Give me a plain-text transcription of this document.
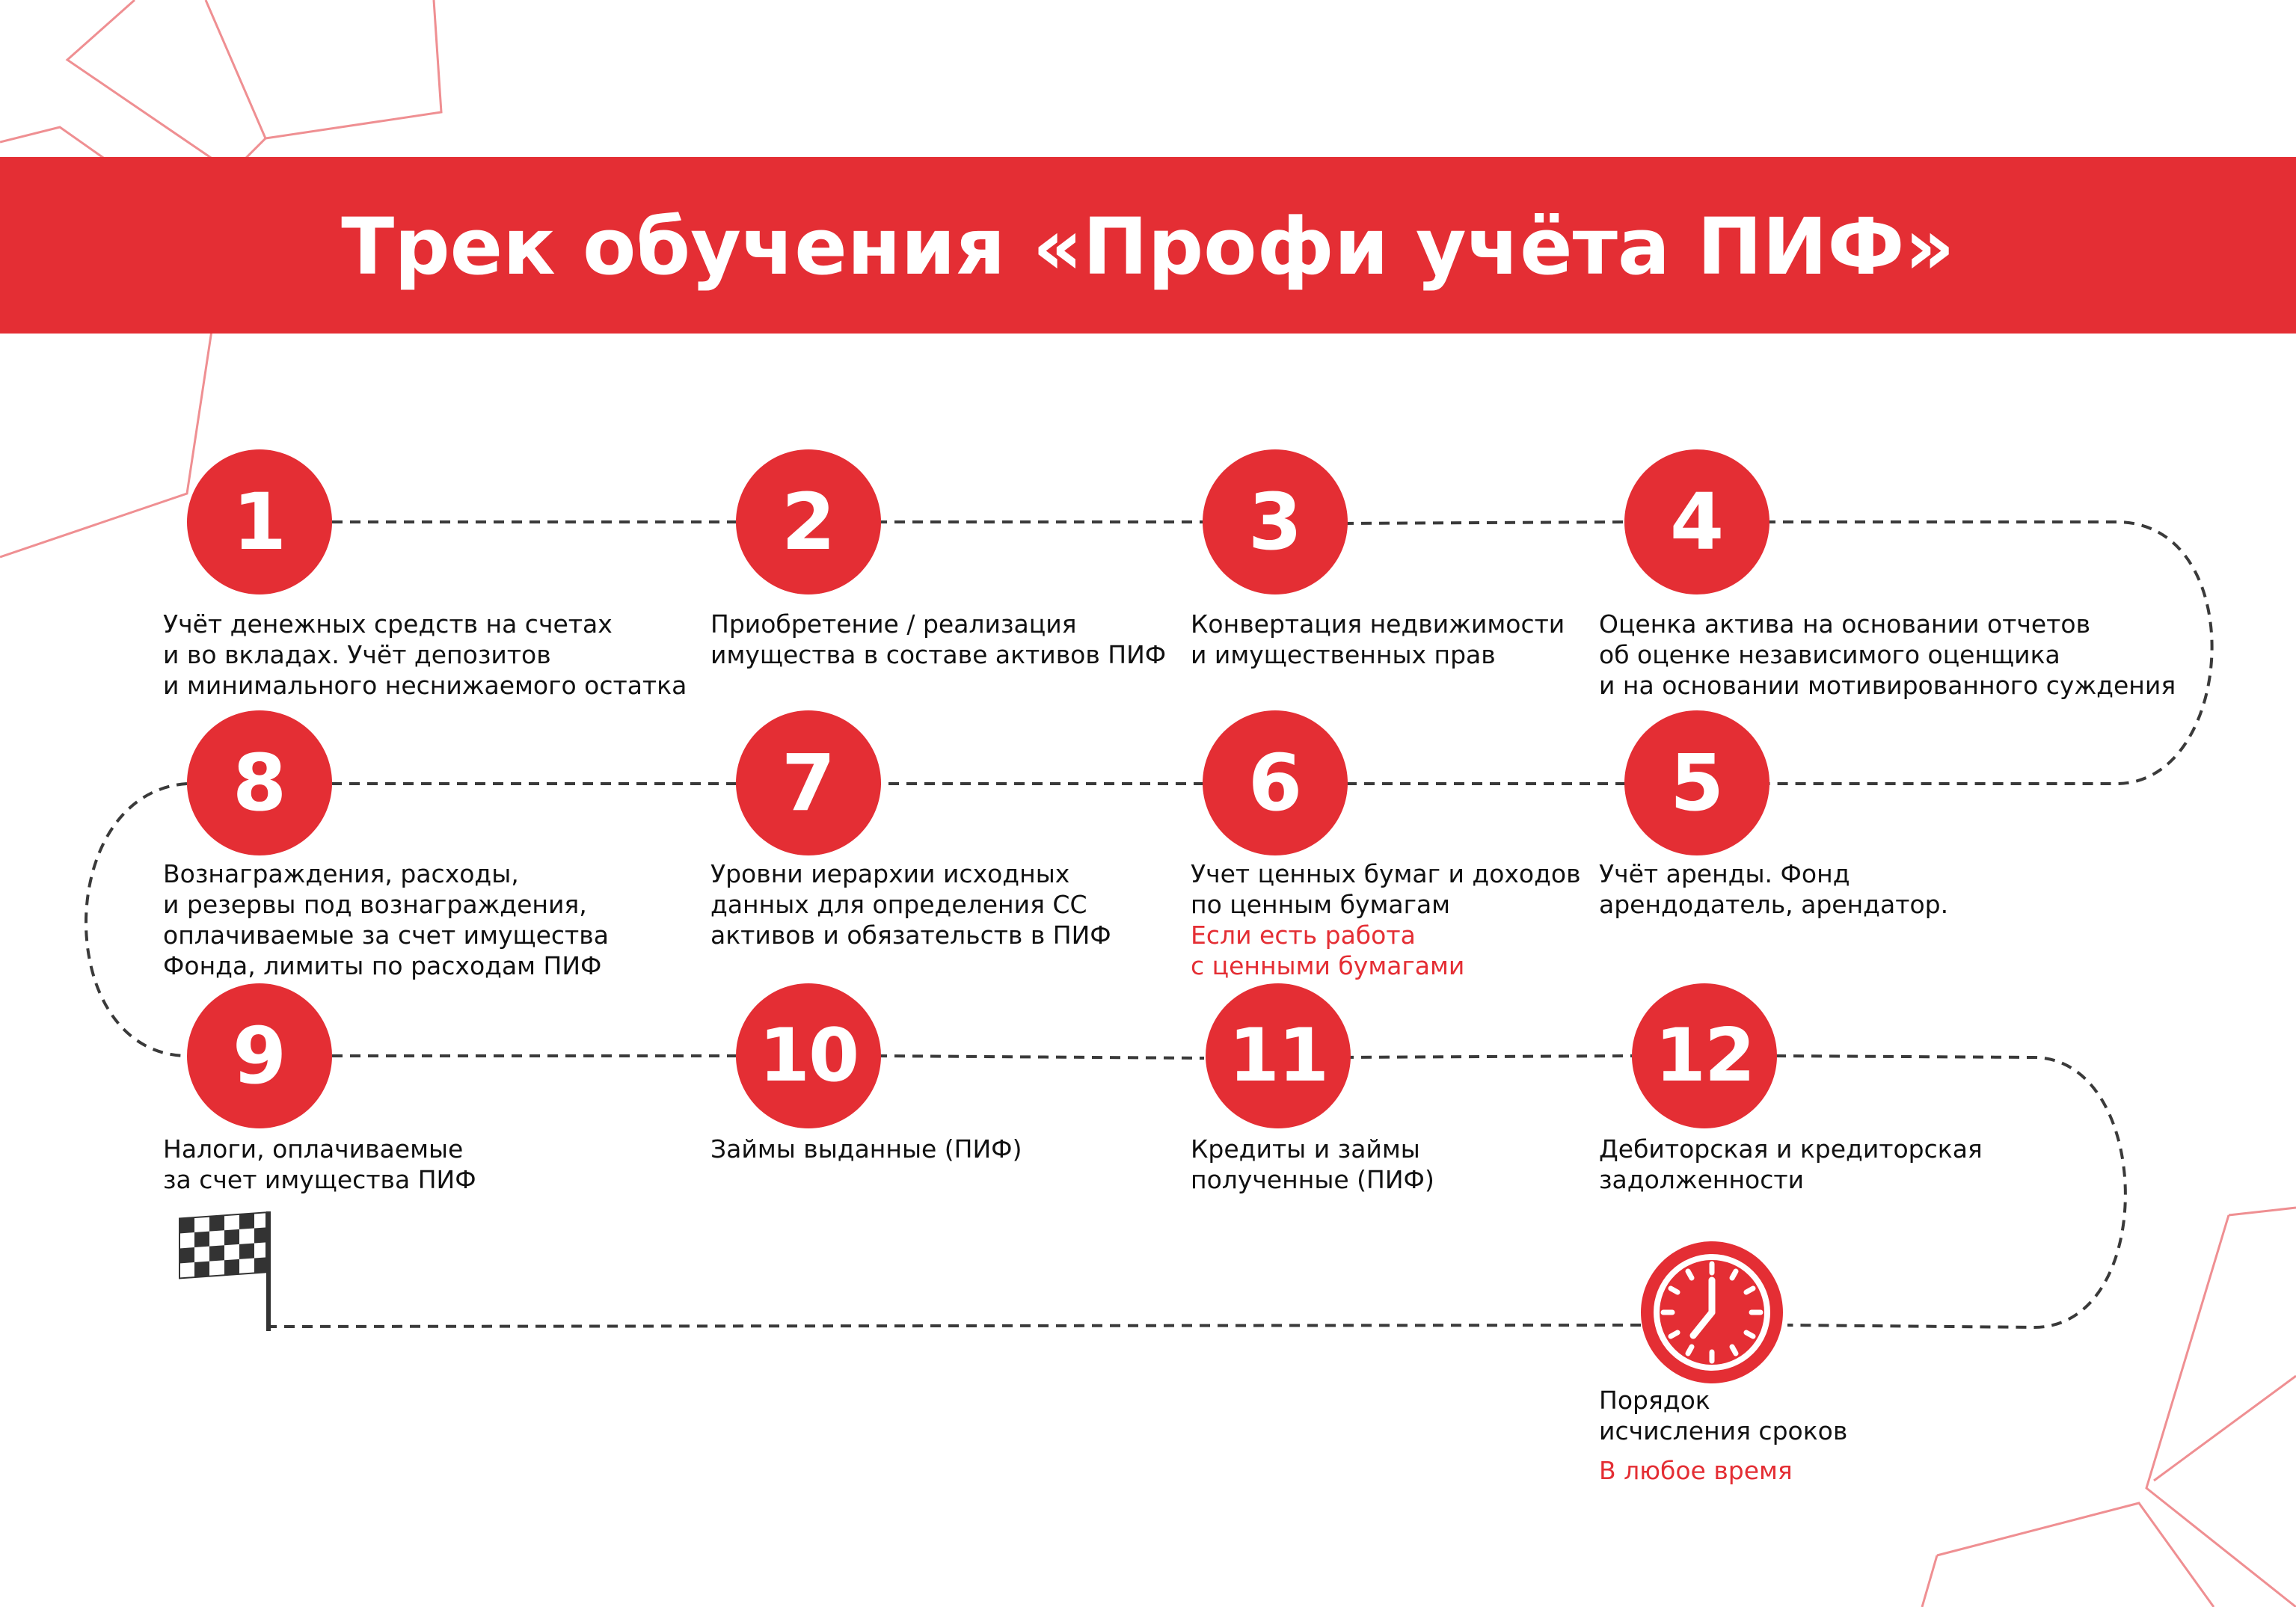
Трек обучения «Профи учёта ПИФ»
1	2	3	4
5
6
7
8
9	10	11	12
Учёт денежных средств на счетах
и во вкладах. Учёт депозитов
и минимального неснижаемого остатка
Приобретение / реализация
имущества в составе активов ПИФ
Конвертация недвижимости
и имущественных прав
Оценка актива на основании отчетов
об оценке независимого оценщика
и на основании мотивированного суждения
Вознаграждения, расходы,
и резервы под вознаграждения,
оплачиваемые за счет имущества
Фонда, лимиты по расходам ПИФ
Уровни иерархии исходных
данных для определения СС
активов и обязательств в ПИФ
Учет ценных бумаг и доходов
по ценным бумагам
Если есть работа
с ценными бумагами
Учёт аренды. Фонд
арендодатель, арендатор.
Налоги, оплачиваемые
за счет имущества ПИФ
Займы выданные (ПИФ)	Кредиты и займы
полученные (ПИФ)
Дебиторская и кредиторская
задолженности
Порядок
исчисления сроков
В любое время
